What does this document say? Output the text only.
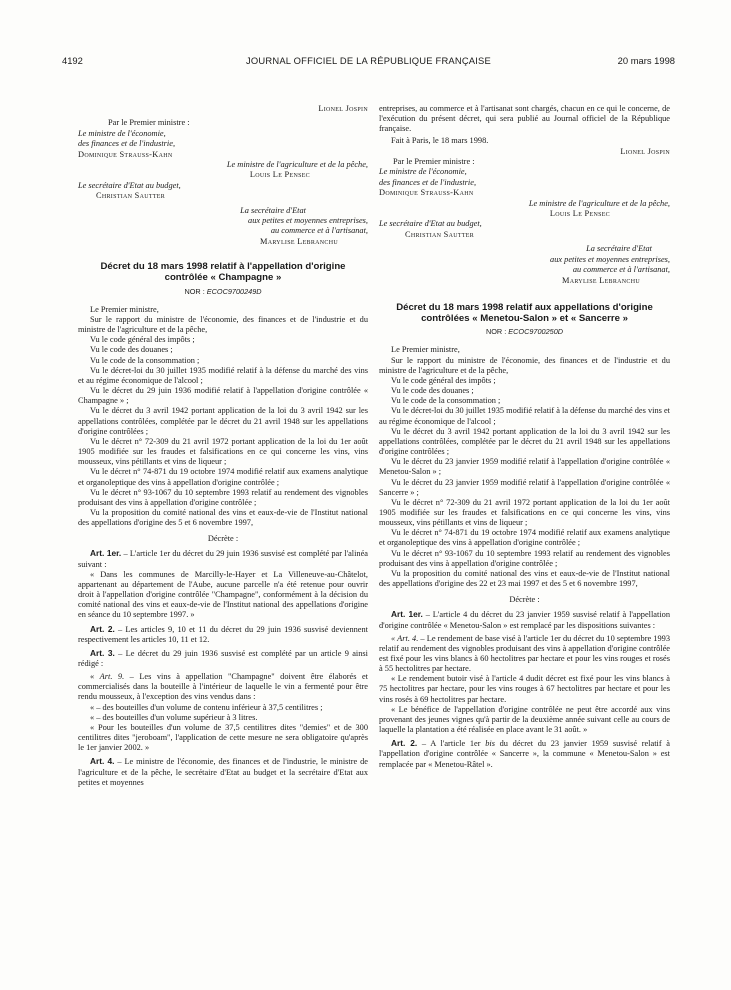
4192	JOURNAL OFFICIEL DE LA RÉPUBLIQUE FRANÇAISE	20 mars 1998
Lionel Jospin
Par le Premier ministre :
Le ministre de l'économie,
des finances et de l'industrie,
Dominique Strauss-Kahn
Le ministre de l'agriculture et de la pêche,
Louis Le Pensec
Le secrétaire d'Etat au budget,
Christian Sautter
La secrétaire d'Etat
aux petites et moyennes entreprises,
au commerce et à l'artisanat,
Marylise Lebranchu
Décret du 18 mars 1998 relatif à l'appellation d'origine contrôlée « Champagne »
NOR : ECOC9700249D

Le Premier ministre,

Sur le rapport du ministre de l'économie, des finances et de l'industrie et du ministre de l'agriculture et de la pêche,

Vu le code général des impôts ;

Vu le code des douanes ;

Vu le code de la consommation ;

Vu le décret-loi du 30 juillet 1935 modifié relatif à la défense du marché des vins et au régime économique de l'alcool ;

Vu le décret du 29 juin 1936 modifié relatif à l'appellation d'origine contrôlée « Champagne » ;

Vu le décret du 3 avril 1942 portant application de la loi du 3 avril 1942 sur les appellations contrôlées, complétée par le décret du 21 avril 1948 sur les appellations d'origine contrôlées ;

Vu le décret n° 72-309 du 21 avril 1972 portant application de la loi du 1er août 1905 modifiée sur les fraudes et falsifications en ce qui concerne les vins, vins mousseux, vins pétillants et vins de liqueur ;

Vu le décret n° 74-871 du 19 octobre 1974 modifié relatif aux examens analytique et organoleptique des vins à appellation d'origine contrôlée ;

Vu le décret n° 93-1067 du 10 septembre 1993 relatif au rendement des vignobles produisant des vins à appellation d'origine contrôlée ;

Vu la proposition du comité national des vins et eaux-de-vie de l'Institut national des appellations d'origine des 5 et 6 novembre 1997,

Décrète :

Art. 1er. – L'article 1er du décret du 29 juin 1936 susvisé est complété par l'alinéa suivant :

« Dans les communes de Marcilly-le-Hayer et La Villeneuve-au-Châtelot, appartenant au département de l'Aube, aucune parcelle n'a été retenue pour ouvrir droit à l'appellation d'origine contrôlée "Champagne", conformément à la décision du comité national des vins et eaux-de-vie de l'Institut national des appellations d'origine en séance du 10 septembre 1997. »

Art. 2. – Les articles 9, 10 et 11 du décret du 29 juin 1936 susvisé deviennent respectivement les articles 10, 11 et 12.

Art. 3. – Le décret du 29 juin 1936 susvisé est complété par un article 9 ainsi rédigé :

« Art. 9. – Les vins à appellation "Champagne" doivent être élaborés et commercialisés dans la bouteille à l'intérieur de laquelle le vin a fermenté pour être rendu mousseux, à l'exception des vins vendus dans :

« – des bouteilles d'un volume de contenu inférieur à 37,5 centilitres ;

« – des bouteilles d'un volume supérieur à 3 litres.

« Pour les bouteilles d'un volume de 37,5 centilitres dites "demies" et de 300 centilitres dites "jeroboam", l'application de cette mesure ne sera obligatoire qu'après le 1er janvier 2002. »

Art. 4. – Le ministre de l'économie, des finances et de l'industrie, le ministre de l'agriculture et de la pêche, le secrétaire d'Etat au budget et la secrétaire d'Etat aux petites et moyennes

entreprises, au commerce et à l'artisanat sont chargés, chacun en ce qui le concerne, de l'exécution du présent décret, qui sera publié au Journal officiel de la République française.

Fait à Paris, le 18 mars 1998.

Lionel Jospin
Par le Premier ministre :
Le ministre de l'économie,
des finances et de l'industrie,
Dominique Strauss-Kahn
Le ministre de l'agriculture et de la pêche,
Louis Le Pensec
Le secrétaire d'Etat au budget,
Christian Sautter
La secrétaire d'Etat
aux petites et moyennes entreprises,
au commerce et à l'artisanat,
Marylise Lebranchu
Décret du 18 mars 1998 relatif aux appellations d'origine contrôlées « Menetou-Salon » et « Sancerre »
NOR : ECOC9700250D

Le Premier ministre,

Sur le rapport du ministre de l'économie, des finances et de l'industrie et du ministre de l'agriculture et de la pêche,

Vu le code général des impôts ;

Vu le code des douanes ;

Vu le code de la consommation ;

Vu le décret-loi du 30 juillet 1935 modifié relatif à la défense du marché des vins et au régime économique de l'alcool ;

Vu le décret du 3 avril 1942 portant application de la loi du 3 avril 1942 sur les appellations contrôlées, complétée par le décret du 21 avril 1948 sur les appellations d'origine contrôlées ;

Vu le décret du 23 janvier 1959 modifié relatif à l'appellation d'origine contrôlée « Menetou-Salon » ;

Vu le décret du 23 janvier 1959 modifié relatif à l'appellation d'origine contrôlée « Sancerre » ;

Vu le décret n° 72-309 du 21 avril 1972 portant application de la loi du 1er août 1905 modifiée sur les fraudes et falsifications en ce qui concerne les vins, vins mousseux, vins pétillants et vins de liqueur ;

Vu le décret n° 74-871 du 19 octobre 1974 modifié relatif aux examens analytique et organoleptique des vins à appellation d'origine contrôlée ;

Vu le décret n° 93-1067 du 10 septembre 1993 relatif au rendement des vignobles produisant des vins à appellation d'origine contrôlée ;

Vu la proposition du comité national des vins et eaux-de-vie de l'Institut national des appellations d'origine des 22 et 23 mai 1997 et des 5 et 6 novembre 1997,

Décrète :

Art. 1er. – L'article 4 du décret du 23 janvier 1959 susvisé relatif à l'appellation d'origine contrôlée « Menetou-Salon » est remplacé par les dispositions suivantes :

« Art. 4. – Le rendement de base visé à l'article 1er du décret du 10 septembre 1993 relatif au rendement des vignobles produisant des vins à appellation d'origine contrôlée est fixé pour les vins blancs à 60 hectolitres par hectare et pour les vins rouges et rosés à 55 hectolitres par hectare.

« Le rendement butoir visé à l'article 4 dudit décret est fixé pour les vins blancs à 75 hectolitres par hectare, pour les vins rouges à 67 hectolitres par hectare et pour les vins rosés à 69 hectolitres par hectare.

« Le bénéfice de l'appellation d'origine contrôlée ne peut être accordé aux vins provenant des jeunes vignes qu'à partir de la deuxième année suivant celle au cours de laquelle la plantation a été réalisée en place avant le 31 août. »

Art. 2. – A l'article 1er bis du décret du 23 janvier 1959 susvisé relatif à l'appellation d'origine contrôlée « Sancerre », la commune « Menetou-Salon » est remplacée par « Menetou-Râtel ».
